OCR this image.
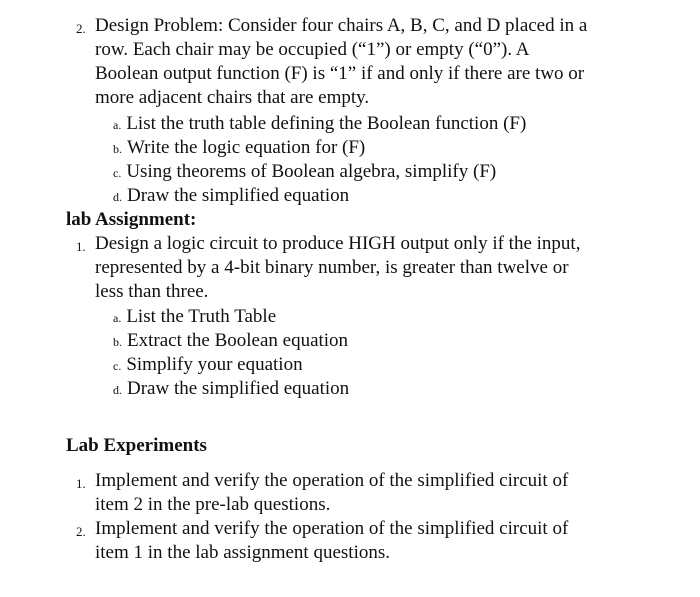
2. Design Problem: Consider four chairs A, B, C, and D placed in a
row. Each chair may be occupied (“1”) or empty (“0”). A
Boolean output function (F) is “1” if and only if there are two or
more adjacent chairs that are empty.
a. List the truth table defining the Boolean function (F)
b. Write the logic equation for (F)
c. Using theorems of Boolean algebra, simplify (F)
d. Draw the simplified equation
lab Assignment:
1. Design a logic circuit to produce HIGH output only if the input,
represented by a 4-bit binary number, is greater than twelve or
less than three.
a. List the Truth Table
b. Extract the Boolean equation
c. Simplify your equation
d. Draw the simplified equation
Lab Experiments
1. Implement and verify the operation of the simplified circuit of
item 2 in the pre-lab questions.
2. Implement and verify the operation of the simplified circuit of
item 1 in the lab assignment questions.
